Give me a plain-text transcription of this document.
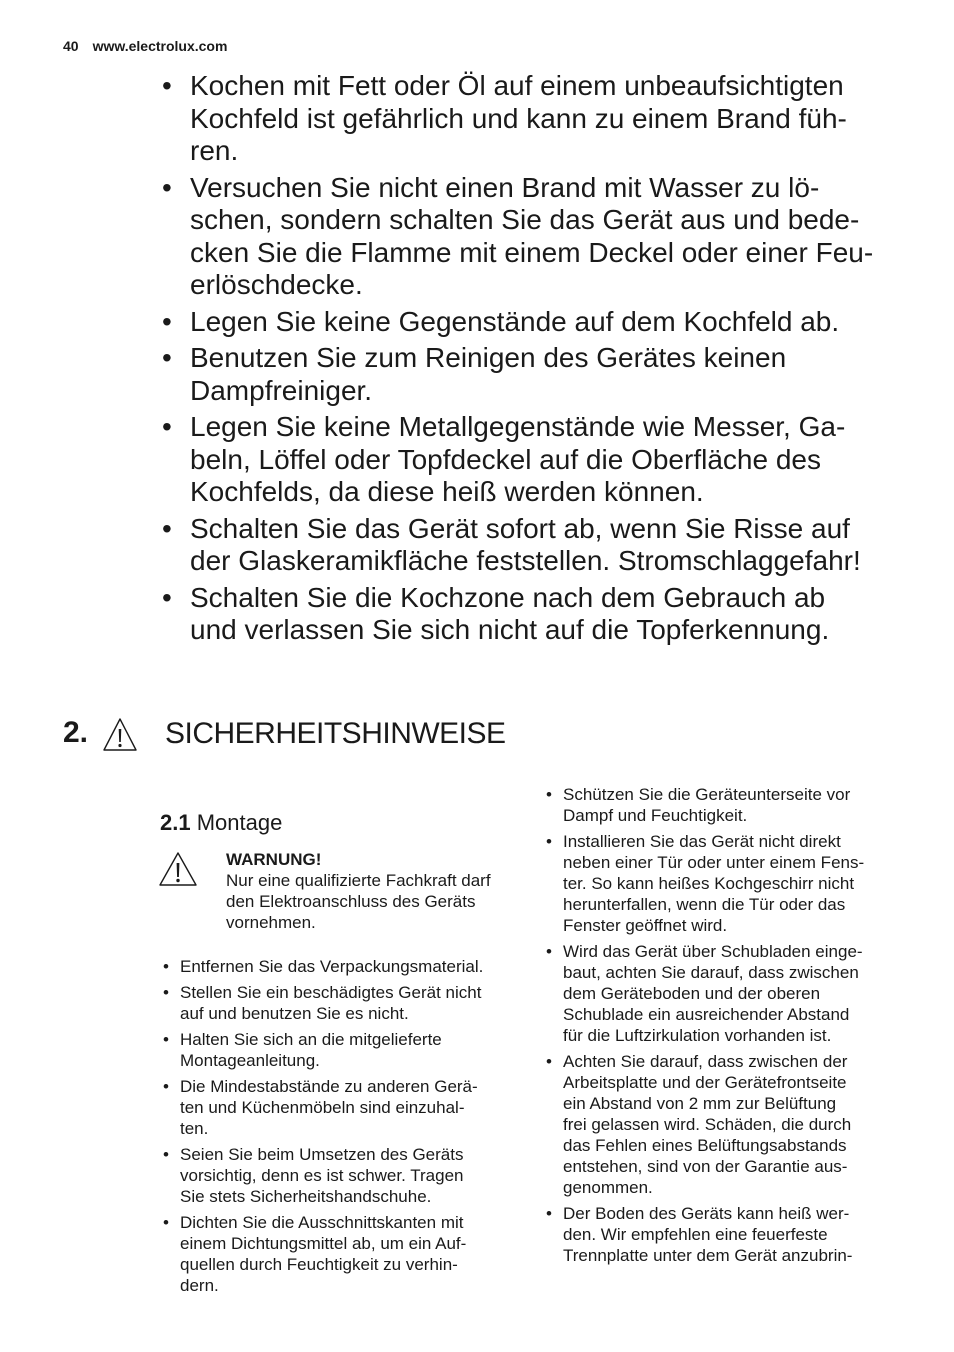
40 www.electrolux.com
• Kochen mit Fett oder Öl auf einem unbeaufsichtigten
Kochfeld ist gefährlich und kann zu einem Brand füh-
ren.
• Versuchen Sie nicht einen Brand mit Wasser zu lö-
schen, sondern schalten Sie das Gerät aus und bede-
cken Sie die Flamme mit einem Deckel oder einer Feu-
erlöschdecke.
• Legen Sie keine Gegenstände auf dem Kochfeld ab.
• Benutzen Sie zum Reinigen des Gerätes keinen
Dampfreiniger.
• Legen Sie keine Metallgegenstände wie Messer, Ga-
beln, Löffel oder Topfdeckel auf die Oberfläche des
Kochfelds, da diese heiß werden können.
• Schalten Sie das Gerät sofort ab, wenn Sie Risse auf
der Glaskeramikfläche feststellen. Stromschlaggefahr!
• Schalten Sie die Kochzone nach dem Gebrauch ab
und verlassen Sie sich nicht auf die Topferkennung.
2.	SICHERHEITSHINWEISE
2.1 Montage
WARNUNG!
Nur eine qualifizierte Fachkraft darf
den Elektroanschluss des Geräts
vornehmen.
• Entfernen Sie das Verpackungsmaterial.
• Stellen Sie ein beschädigtes Gerät nicht
auf und benutzen Sie es nicht.
• Halten Sie sich an die mitgelieferte
Montageanleitung.
• Die Mindestabstände zu anderen Gerä-
ten und Küchenmöbeln sind einzuhal-
ten.
• Seien Sie beim Umsetzen des Geräts
vorsichtig, denn es ist schwer. Tragen
Sie stets Sicherheitshandschuhe.
• Dichten Sie die Ausschnittskanten mit
einem Dichtungsmittel ab, um ein Auf-
quellen durch Feuchtigkeit zu verhin-
dern.
• Schützen Sie die Geräteunterseite vor
Dampf und Feuchtigkeit.
• Installieren Sie das Gerät nicht direkt
neben einer Tür oder unter einem Fens-
ter. So kann heißes Kochgeschirr nicht
herunterfallen, wenn die Tür oder das
Fenster geöffnet wird.
• Wird das Gerät über Schubladen einge-
baut, achten Sie darauf, dass zwischen
dem Geräteboden und der oberen
Schublade ein ausreichender Abstand
für die Luftzirkulation vorhanden ist.
• Achten Sie darauf, dass zwischen der
Arbeitsplatte und der Gerätefrontseite
ein Abstand von 2 mm zur Belüftung
frei gelassen wird. Schäden, die durch
das Fehlen eines Belüftungsabstands
entstehen, sind von der Garantie aus-
genommen.
• Der Boden des Geräts kann heiß wer-
den. Wir empfehlen eine feuerfeste
Trennplatte unter dem Gerät anzubrin-
